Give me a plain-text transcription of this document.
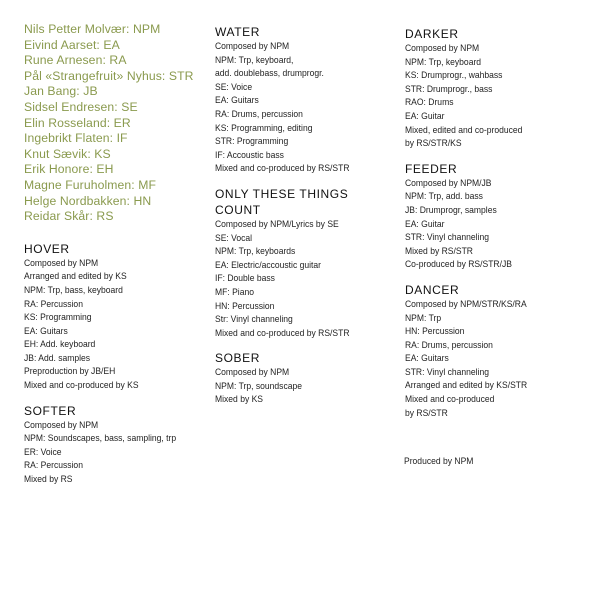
Nils Petter Molvær: NPM
Eivind Aarset: EA
Rune Arnesen: RA
Pål «Strangefruit» Nyhus: STR
Jan Bang: JB
Sidsel Endresen: SE
Elin Rosseland: ER
Ingebrikt Flaten: IF
Knut Sævik: KS
Erik Honore: EH
Magne Furuholmen: MF
Helge Nordbakken: HN
Reidar Skår: RS
HOVER
Composed by NPM
Arranged and edited by KS
NPM: Trp, bass, keyboard
RA: Percussion
KS: Programming
EA: Guitars
EH: Add. keyboard
JB: Add. samples
Preproduction by JB/EH
Mixed and co-produced by KS
SOFTER
Composed by NPM
NPM: Soundscapes, bass, sampling, trp
ER: Voice
RA: Percussion
Mixed by RS
WATER
Composed by NPM
NPM: Trp, keyboard,
add. doublebass, drumprogr.
SE: Voice
EA: Guitars
RA: Drums, percussion
KS: Programming, editing
STR: Programming
IF: Accoustic bass
Mixed and co-produced by RS/STR
ONLY THESE THINGS COUNT
Composed by NPM/Lyrics by SE
SE: Vocal
NPM: Trp, keyboards
EA: Electric/accoustic guitar
IF: Double bass
MF: Piano
HN: Percussion
Str: Vinyl channeling
Mixed and co-produced by RS/STR
SOBER
Composed by NPM
NPM: Trp, soundscape
Mixed by KS
DARKER
Composed by NPM
NPM: Trp, keyboard
KS: Drumprogr., wahbass
STR: Drumprogr., bass
RAO: Drums
EA: Guitar
Mixed, edited and co-produced
by RS/STR/KS
FEEDER
Composed by NPM/JB
NPM: Trp, add. bass
JB: Drumprogr, samples
EA: Guitar
STR: Vinyl channeling
Mixed by RS/STR
Co-produced by RS/STR/JB
DANCER
Composed by NPM/STR/KS/RA
NPM: Trp
HN: Percussion
RA: Drums, percussion
EA: Guitars
STR: Vinyl channeling
Arranged and edited by KS/STR
Mixed and co-produced
by RS/STR
Produced by NPM
